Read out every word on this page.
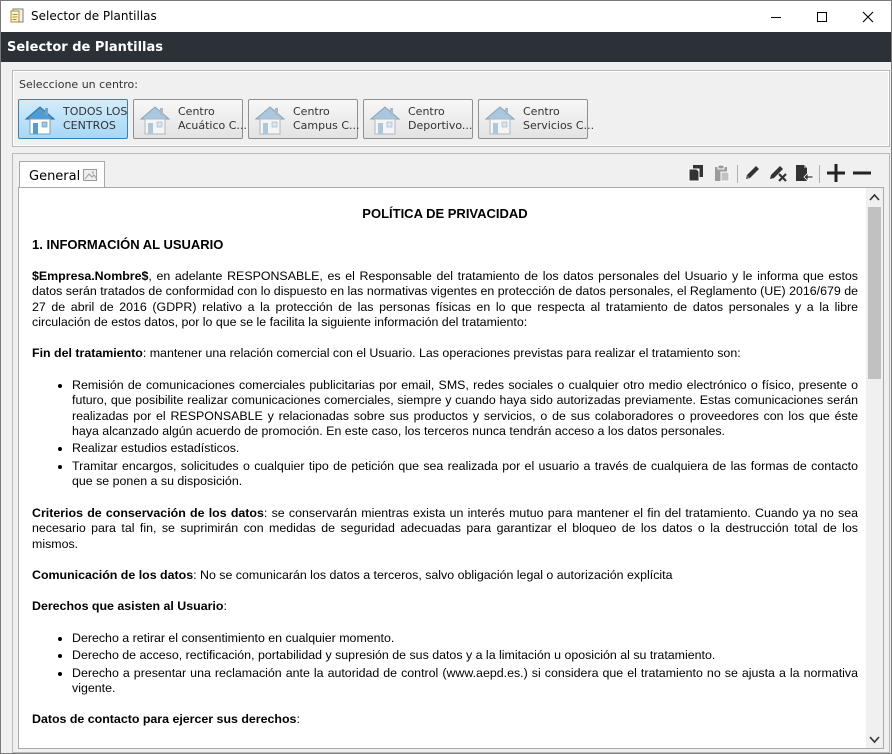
Selector de Plantillas
Selector de Plantillas
Seleccione un centro:
TODOS LOS
CENTROS
Centro
Acuático C...
Centro
Campus C...
Centro
Deportivo...
Centro
Servicios C...
General
POLÍTICA DE PRIVACIDAD
1. INFORMACIÓN AL USUARIO

$Empresa.Nombre$, en adelante RESPONSABLE, es el Responsable del tratamiento de los datos personales del Usuario y le informa que estos datos serán tratados de conformidad con lo dispuesto en las normativas vigentes en protección de datos personales, el Reglamento (UE) 2016/679 de 27 de abril de 2016 (GDPR) relativo a la protección de las personas físicas en lo que respecta al tratamiento de datos personales y a la libre circulación de estos datos, por lo que se le facilita la siguiente información del tratamiento:

Fin del tratamiento: mantener una relación comercial con el Usuario. Las operaciones previstas para realizar el tratamiento son:

• Remisión de comunicaciones comerciales publicitarias por email, SMS, redes sociales o cualquier otro medio electrónico o físico, presente o futuro, que posibilite realizar comunicaciones comerciales, siempre y cuando haya sido autorizadas previamente. Estas comunicaciones serán realizadas por el RESPONSABLE y relacionadas sobre sus productos y servicios, o de sus colaboradores o proveedores con los que éste haya alcanzado algún acuerdo de promoción. En este caso, los terceros nunca tendrán acceso a los datos personales.
• Realizar estudios estadísticos.
• Tramitar encargos, solicitudes o cualquier tipo de petición que sea realizada por el usuario a través de cualquiera de las formas de contacto que se ponen a su disposición.

Criterios de conservación de los datos: se conservarán mientras exista un interés mutuo para mantener el fin del tratamiento. Cuando ya no sea necesario para tal fin, se suprimirán con medidas de seguridad adecuadas para garantizar el bloqueo de los datos o la destrucción total de los mismos.

Comunicación de los datos: No se comunicarán los datos a terceros, salvo obligación legal o autorización explícita

Derechos que asisten al Usuario:

• Derecho a retirar el consentimiento en cualquier momento.
• Derecho de acceso, rectificación, portabilidad y supresión de sus datos y a la limitación u oposición al su tratamiento.
• Derecho a presentar una reclamación ante la autoridad de control (www.aepd.es.) si considera que el tratamiento no se ajusta a la normativa vigente.

Datos de contacto para ejercer sus derechos:
